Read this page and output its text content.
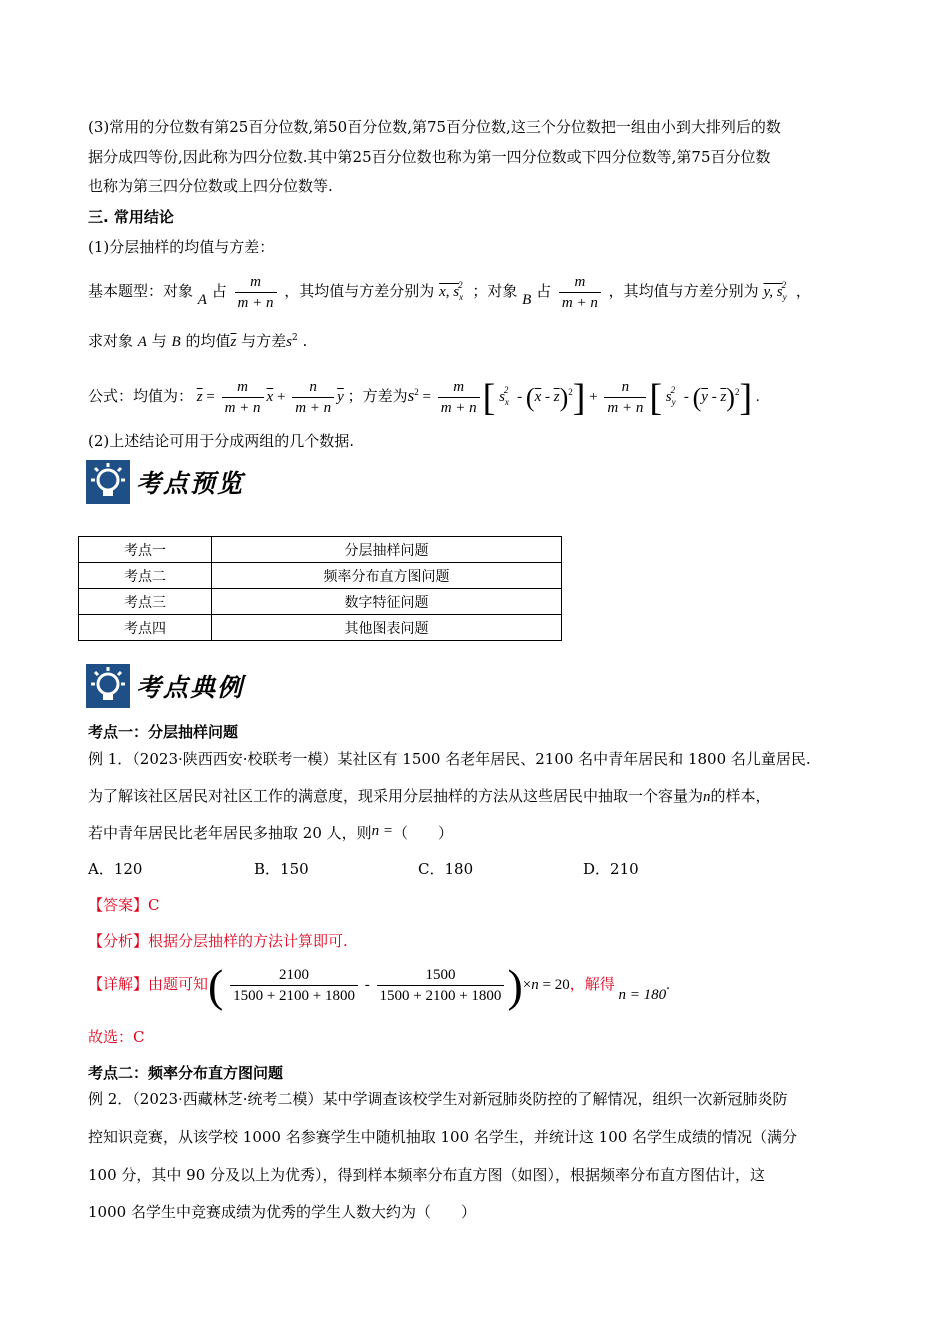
(3)常用的分位数有第25百分位数,第50百分位数,第75百分位数,这三个分位数把一组由小到大排列后的数
据分成四等份,因此称为四分位数.其中第25百分位数也称为第一四分位数或下四分位数等,第75百分位数
也称为第三四分位数或上四分位数等.
三. 常用结论
(1)分层抽样的均值与方差：
基本题型：对象 A 占 $\frac{m}{m + n}$ ，其均值与方差分别为 x, $s_x^2$ ；对象 B 占 $\frac{m}{m + n}$ ，其均值与方差分别为 y, $s_y^2$ ，
求对象 A 与 B 的均值$\overline{z}$ 与方差$s^2$ .
公式：均值为： $\overline{z} = \frac{m}{m + n} \overline{x} + \frac{n}{m + n} \overline{y}$ ；方差为$s^2 = \frac{m}{m + n}$ [ $s_x^2 - (\overline{x} - \overline{z})^2] + \frac{n}{m + n}$ [ $s_y^2 - (\overline{y} - \overline{z})^2$] .
(2)上述结论可用于分成两组的几个数据.
考点预览
考点一	分层抽样问题
考点二	频率分布直方图问题
考点三	数字特征问题
考点四	其他图表问题
考点典例
考点一：分层抽样问题
例 1．（2023·陕西西安·校联考一模）某社区有 1500 名老年居民、2100 名中青年居民和 1800 名儿童居民.
为了解该社区居民对社区工作的满意度，现采用分层抽样的方法从这些居民中抽取一个容量为n的样本，
若中青年居民比老年居民多抽取 20 人，则n =（　　）
A．120	B．150	C．180	D．210
【答案】C
【分析】根据分层抽样的方法计算即可.
【详解】由题可知( $\frac{2100}{1500 + 2100 + 1800} - \frac{1500}{1500 + 2100 + 1800} )\times n = 20$，解得 n = 180.
故选：C
考点二：频率分布直方图问题
例 2．（2023·西藏林芝·统考二模）某中学调查该校学生对新冠肺炎防控的了解情况，组织一次新冠肺炎防
控知识竞赛，从该学校 1000 名参赛学生中随机抽取 100 名学生，并统计这 100 名学生成绩的情况（满分
100 分，其中 90 分及以上为优秀），得到样本频率分布直方图（如图），根据频率分布直方图估计，这
1000 名学生中竞赛成绩为优秀的学生人数大约为（　　）
